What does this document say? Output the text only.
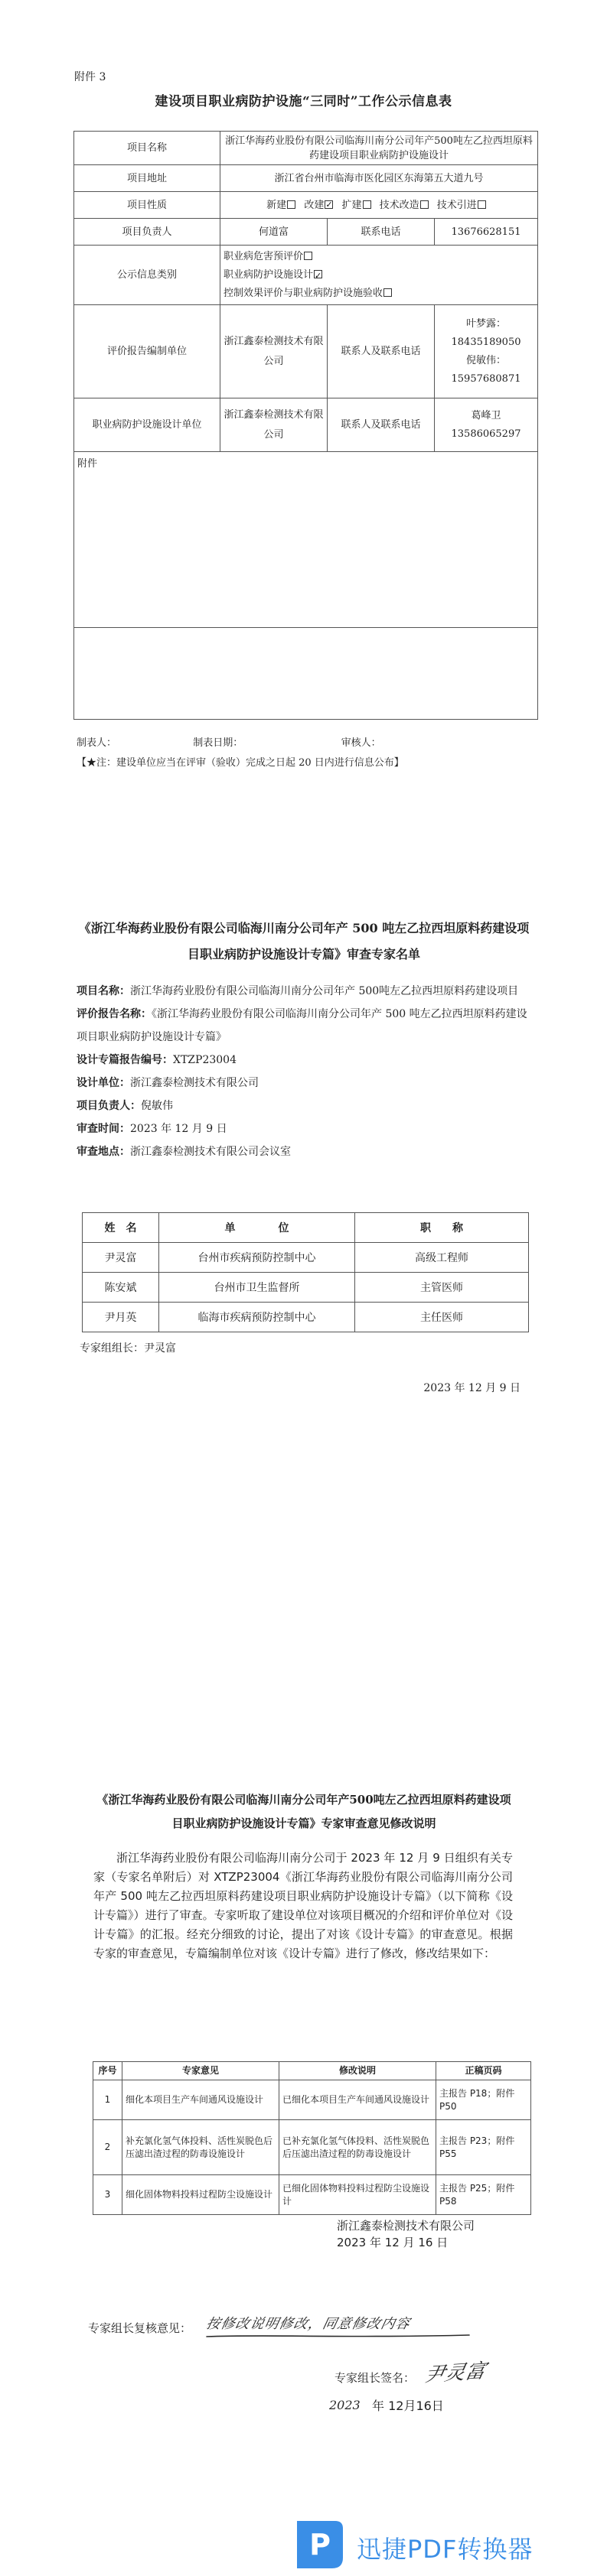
附件 3
建设项目职业病防护设施“三同时”工作公示信息表
项目名称	浙江华海药业股份有限公司临海川南分公司年产500吨左乙拉西坦原料药建设项目职业病防护设施设计		
项目地址	浙江省台州市临海市医化园区东海第五大道九号		
项目性质	新建 改建 ✓ 扩建 技术改造 技术引进
项目负责人	何道富	联系电话	13676628151
公示信息类别	职业病危害预评价
职业病防护设施设计✓
控制效果评价与职业病防护设施验收

评价报告编制单位	浙江鑫泰检测技术有限公司	联系人及联系电话	叶梦露：
18435189050
倪敏伟：
15957680871

职业病防护设施设计单位	浙江鑫泰检测技术有限公司	联系人及联系电话	葛峰卫
13586065297

附件			

制表人：	制表日期：	审核人：
【★注：建设单位应当在评审（验收）完成之日起 20 日内进行信息公布】
《浙江华海药业股份有限公司临海川南分公司年产 500 吨左乙拉西坦原料药建设项目职业病防护设施设计专篇》审查专家名单
项目名称：浙江华海药业股份有限公司临海川南分公司年产 500吨左乙拉西坦原料药建设项目
评价报告名称：《浙江华海药业股份有限公司临海川南分公司年产 500 吨左乙拉西坦原料药建设项目职业病防护设施设计专篇》
设计专篇报告编号：XTZP23004
设计单位：浙江鑫泰检测技术有限公司
项目负责人：倪敏伟
审查时间：2023 年 12 月 9 日
审查地点：浙江鑫泰检测技术有限公司会议室
姓　名	单　　　　位	职　　称
尹灵富	台州市疾病预防控制中心	高级工程师
陈安斌	台州市卫生监督所	主管医师
尹月英	临海市疾病预防控制中心	主任医师
专家组组长：尹灵富
2023 年 12 月 9 日
《浙江华海药业股份有限公司临海川南分公司年产500吨左乙拉西坦原料药建设项目职业病防护设施设计专篇》专家审查意见修改说明
浙江华海药业股份有限公司临海川南分公司于 2023 年 12 月 9 日组织有关专家（专家名单附后）对 XTZP23004《浙江华海药业股份有限公司临海川南分公司年产 500 吨左乙拉西坦原料药建设项目职业病防护设施设计专篇》（以下简称《设计专篇》）进行了审查。专家听取了建设单位对该项目概况的介绍和评价单位对《设计专篇》的汇报。经充分细致的讨论，提出了对该《设计专篇》的审查意见。根据专家的审查意见，专篇编制单位对该《设计专篇》进行了修改，修改结果如下：
序号	专家意见	修改说明	正稿页码
1	细化本项目生产车间通风设施设计	已细化本项目生产车间通风设施设计	主报告 P18；附件 P50
2	补充氯化氢气体投料、活性炭脱色后压滤出渣过程的防毒设施设计	已补充氯化氢气体投料、活性炭脱色后压滤出渣过程的防毒设施设计	主报告 P23；附件 P55
3	细化固体物料投料过程防尘设施设计	已细化固体物料投料过程防尘设施设计	主报告 P25；附件 P58
浙江鑫泰检测技术有限公司
2023 年 12 月 16 日
专家组长复核意见： 按修改说明修改，同意修改内容
专家组长签名： 尹灵富
2023 年 12月16日
P 迅捷PDF转换器
